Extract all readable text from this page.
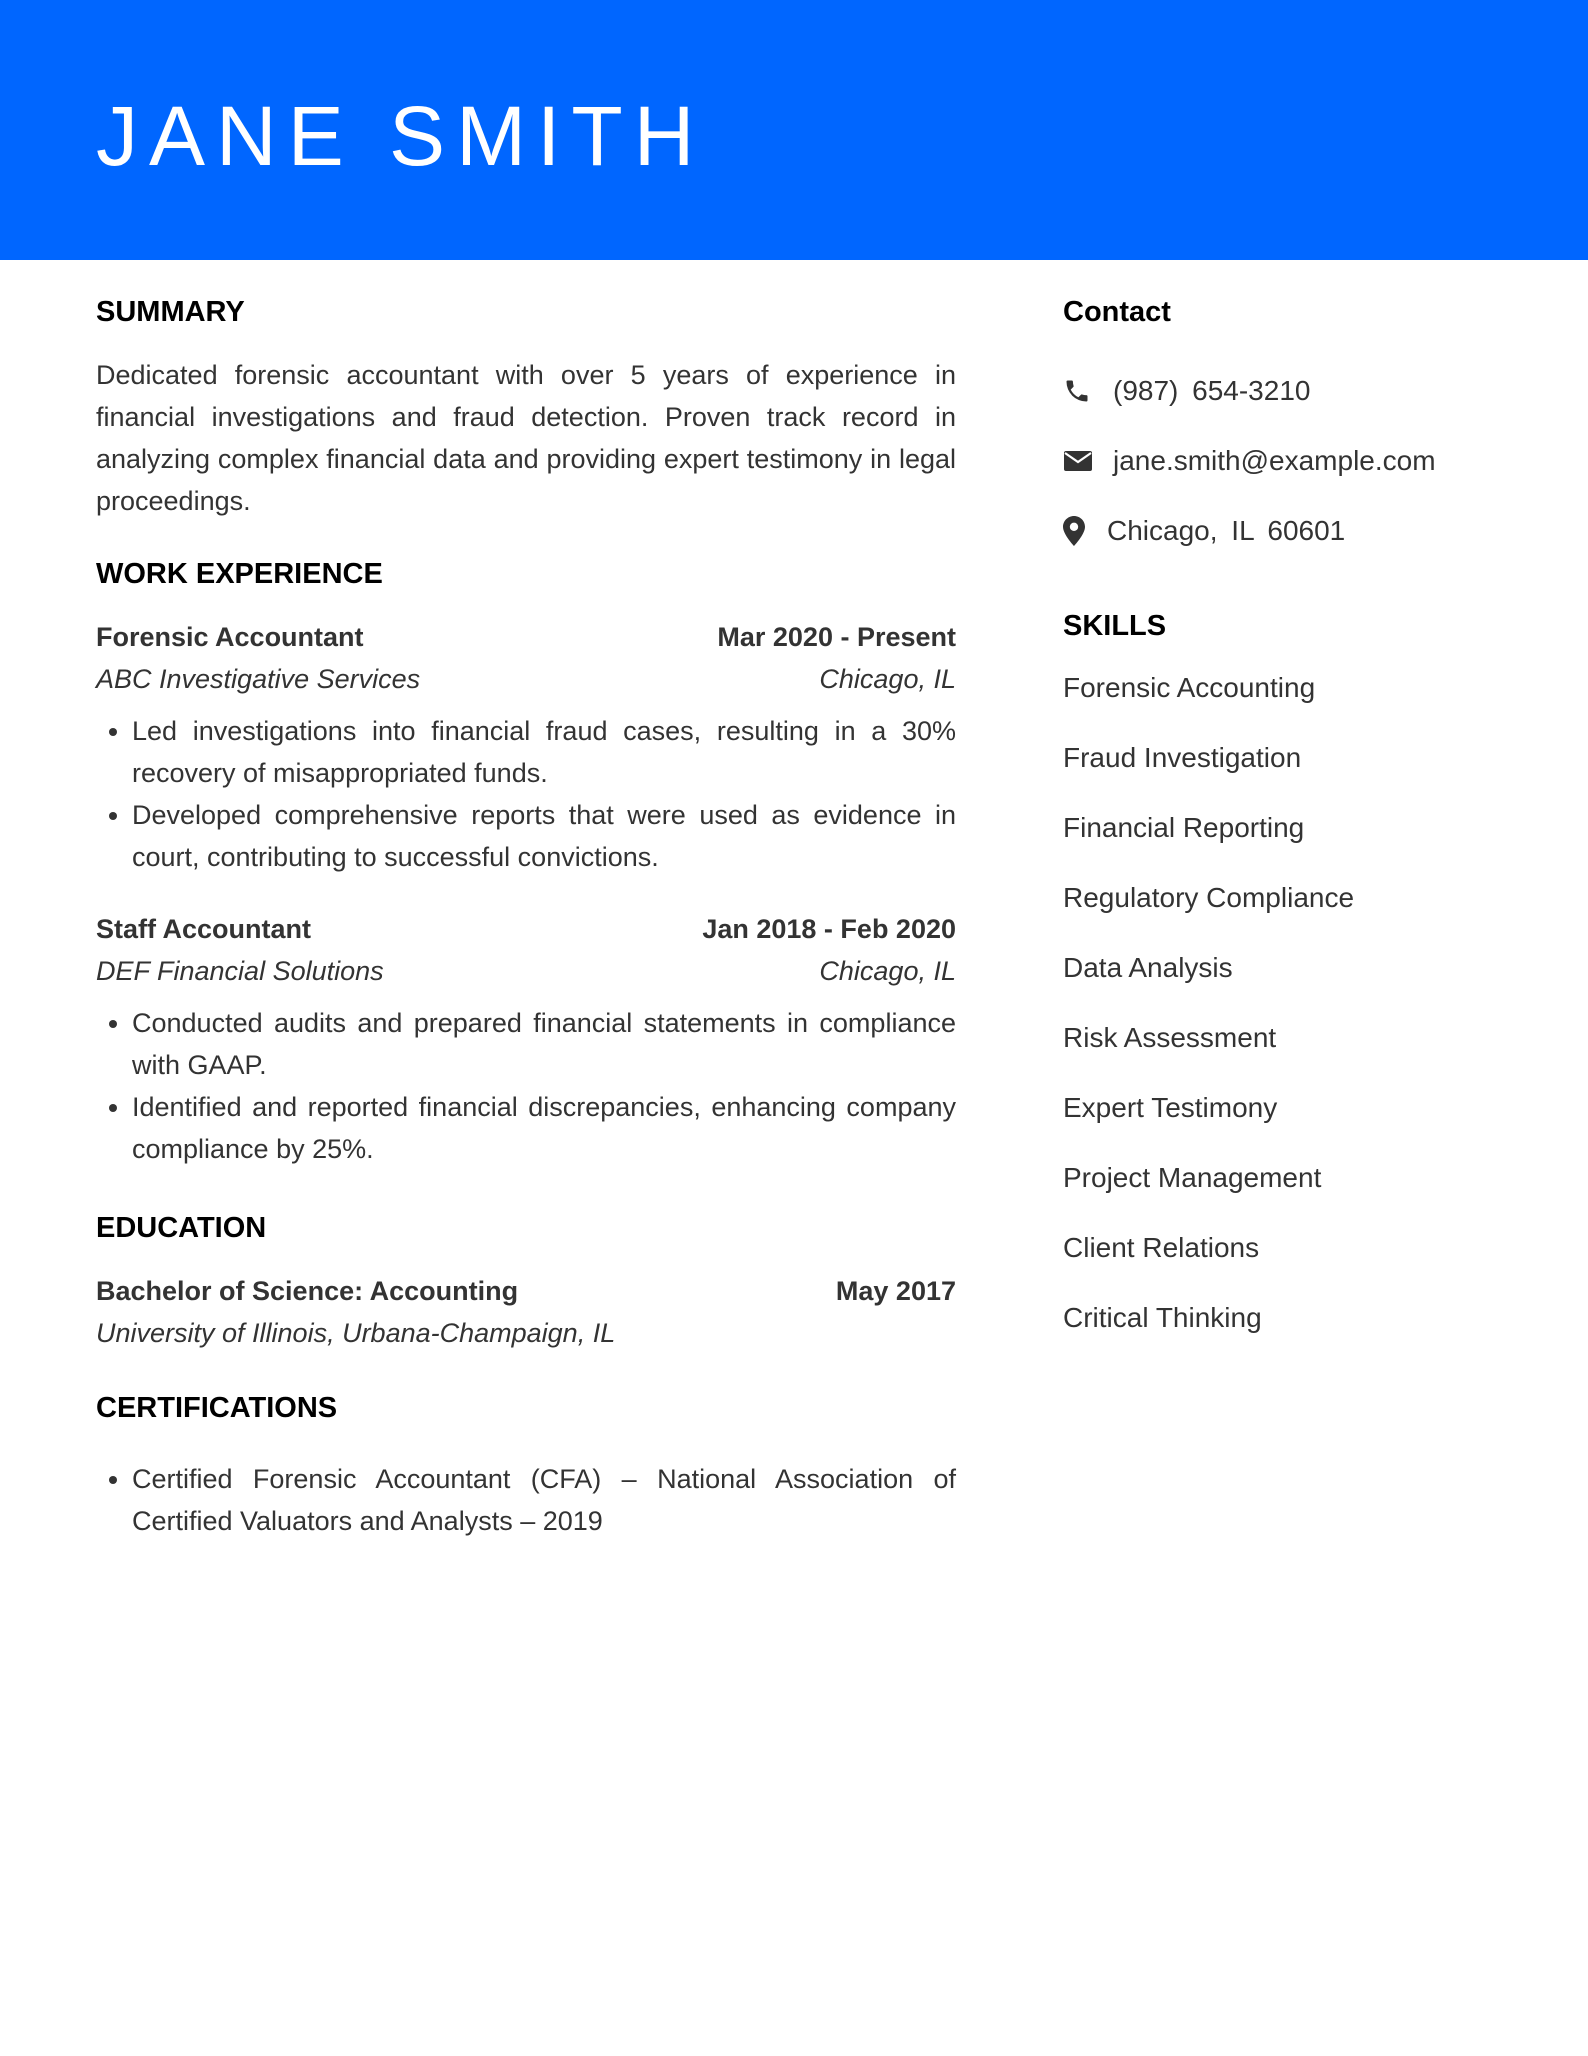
JANE SMITH
SUMMARY

Dedicated forensic accountant with over 5 years of experience in financial investigations and fraud detection. Proven track record in analyzing complex financial data and providing expert testimony in legal proceedings.

WORK EXPERIENCE
Forensic Accountant	Mar 2020 - Present
ABC Investigative Services	Chicago, IL
• Led investigations into financial fraud cases, resulting in a 30% recovery of misappropriated funds.
• Developed comprehensive reports that were used as evidence in court, contributing to successful convictions.
Staff Accountant	Jan 2018 - Feb 2020
DEF Financial Solutions	Chicago, IL
• Conducted audits and prepared financial statements in compliance with GAAP.
• Identified and reported financial discrepancies, enhancing company compliance by 25%.
EDUCATION
Bachelor of Science: Accounting	May 2017
University of Illinois, Urbana-Champaign, IL
CERTIFICATIONS
• Certified Forensic Accountant (CFA) – National Association of Certified Valuators and Analysts – 2019
Contact
(987) 654-3210
jane.smith@example.com
Chicago, IL 60601
SKILLS
Forensic Accounting
Fraud Investigation
Financial Reporting
Regulatory Compliance
Data Analysis
Risk Assessment
Expert Testimony
Project Management
Client Relations
Critical Thinking
